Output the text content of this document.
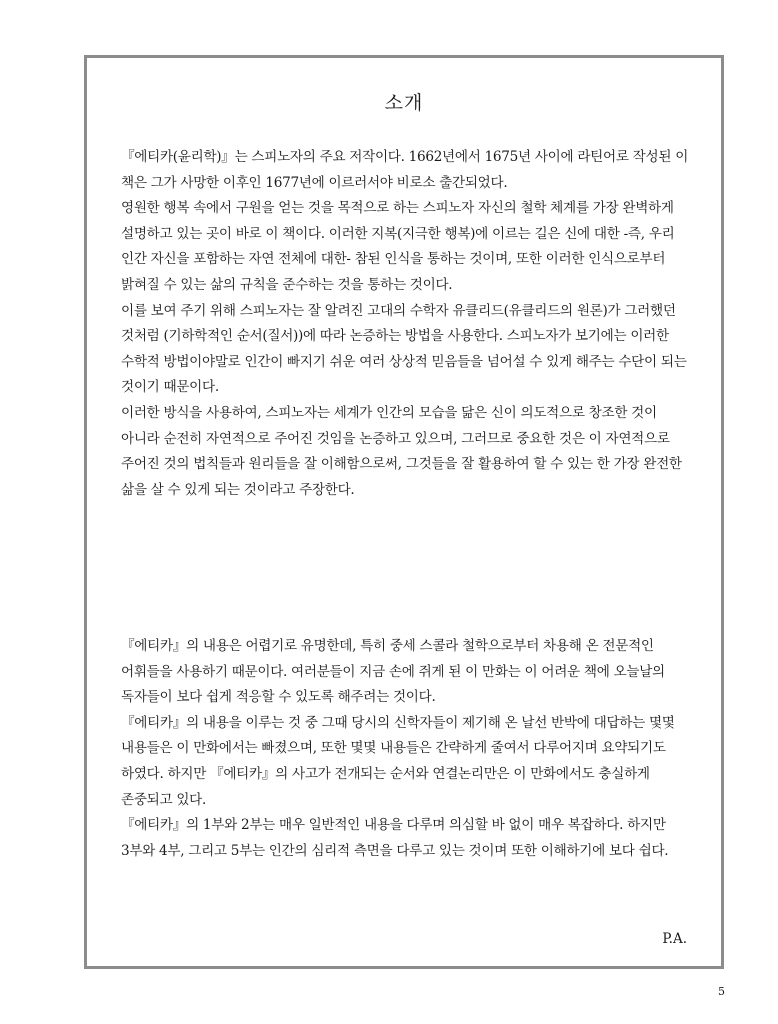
소개

『에티카(윤리학)』는 스피노자의 주요 저작이다. 1662년에서 1675년 사이에 라틴어로 작성된 이 책은 그가 사망한 이후인 1677년에 이르러서야 비로소 출간되었다.

영원한 행복 속에서 구원을 얻는 것을 목적으로 하는 스피노자 자신의 철학 체계를 가장 완벽하게 설명하고 있는 곳이 바로 이 책이다. 이러한 지복(지극한 행복)에 이르는 길은 신에 대한 -즉, 우리 인간 자신을 포함하는 자연 전체에 대한- 참된 인식을 통하는 것이며, 또한 이러한 인식으로부터 밝혀질 수 있는 삶의 규칙을 준수하는 것을 통하는 것이다.

이를 보여 주기 위해 스피노자는 잘 알려진 고대의 수학자 유클리드(유클리드의 원론)가 그러했던 것처럼 (기하학적인 순서(질서))에 따라 논증하는 방법을 사용한다. 스피노자가 보기에는 이러한 수학적 방법이야말로 인간이 빠지기 쉬운 여러 상상적 믿음들을 넘어설 수 있게 해주는 수단이 되는 것이기 때문이다.

이러한 방식을 사용하여, 스피노자는 세계가 인간의 모습을 닮은 신이 의도적으로 창조한 것이 아니라 순전히 자연적으로 주어진 것임을 논증하고 있으며, 그러므로 중요한 것은 이 자연적으로 주어진 것의 법칙들과 원리들을 잘 이해함으로써, 그것들을 잘 활용하여 할 수 있는 한 가장 완전한 삶을 살 수 있게 되는 것이라고 주장한다.

『에티카』의 내용은 어렵기로 유명한데, 특히 중세 스콜라 철학으로부터 차용해 온 전문적인 어휘들을 사용하기 때문이다. 여러분들이 지금 손에 쥐게 된 이 만화는 이 어려운 책에 오늘날의 독자들이 보다 쉽게 적응할 수 있도록 해주려는 것이다.

『에티카』의 내용을 이루는 것 중 그때 당시의 신학자들이 제기해 온 날선 반박에 대답하는 몇몇 내용들은 이 만화에서는 빠졌으며, 또한 몇몇 내용들은 간략하게 줄여서 다루어지며 요약되기도 하였다. 하지만 『에티카』의 사고가 전개되는 순서와 연결논리만은 이 만화에서도 충실하게 존중되고 있다.

『에티카』의 1부와 2부는 매우 일반적인 내용을 다루며 의심할 바 없이 매우 복잡하다. 하지만 3부와 4부, 그리고 5부는 인간의 심리적 측면을 다루고 있는 것이며 또한 이해하기에 보다 쉽다.

P.A.
5
